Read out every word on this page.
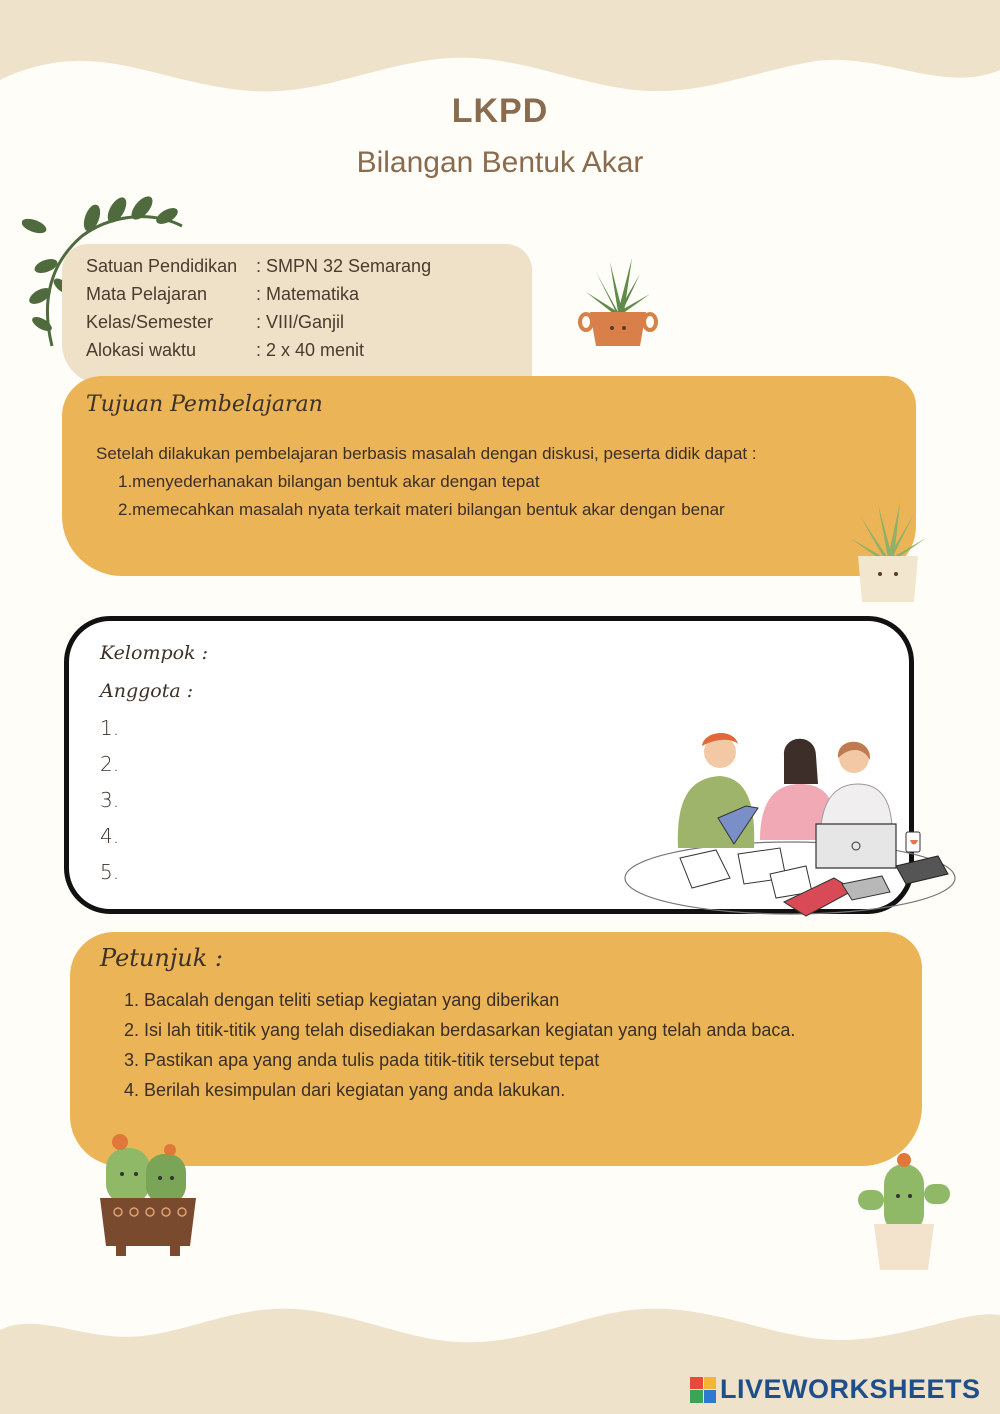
LKPD
Bilangan Bentuk Akar
Satuan Pendidikan : SMPN 32 Semarang
Mata Pelajaran	: Matematika
Kelas/Semester : VIII/Ganjil
Alokasi waktu	: 2 x 40 menit
Tujuan Pembelajaran
Setelah dilakukan pembelajaran berbasis masalah dengan diskusi, peserta didik dapat :
1.menyederhanakan bilangan bentuk akar dengan tepat
2.memecahkan masalah nyata terkait materi bilangan bentuk akar dengan benar
Kelompok :
Anggota :
1.
2.
3.
4.
5.
Petunjuk :
1. Bacalah dengan teliti setiap kegiatan yang diberikan
2. Isi lah titik-titik yang telah disediakan berdasarkan kegiatan yang telah anda baca.
3. Pastikan apa yang anda tulis pada titik-titik tersebut tepat
4. Berilah kesimpulan dari kegiatan yang anda lakukan.
LIVEWORKSHEETS
